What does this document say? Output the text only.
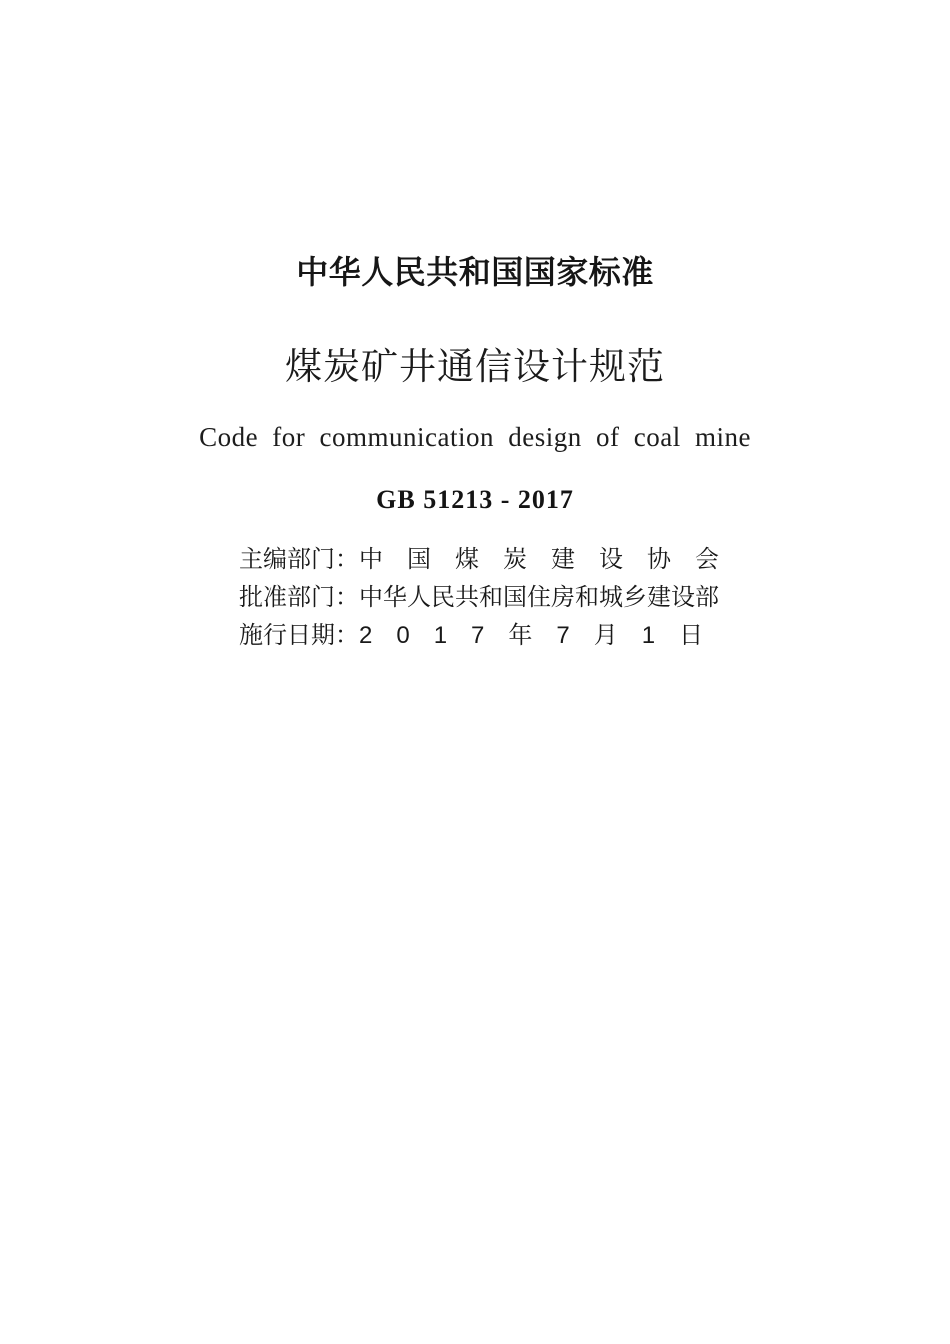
中华人民共和国国家标准
煤炭矿井通信设计规范
Code for communication design of coal mine
GB 51213 - 2017
主编部门： 中　国　煤　炭　建　设　协　会
批准部门： 中华人民共和国住房和城乡建设部
施行日期： 2　0　1　7　年　7　月　1　日
